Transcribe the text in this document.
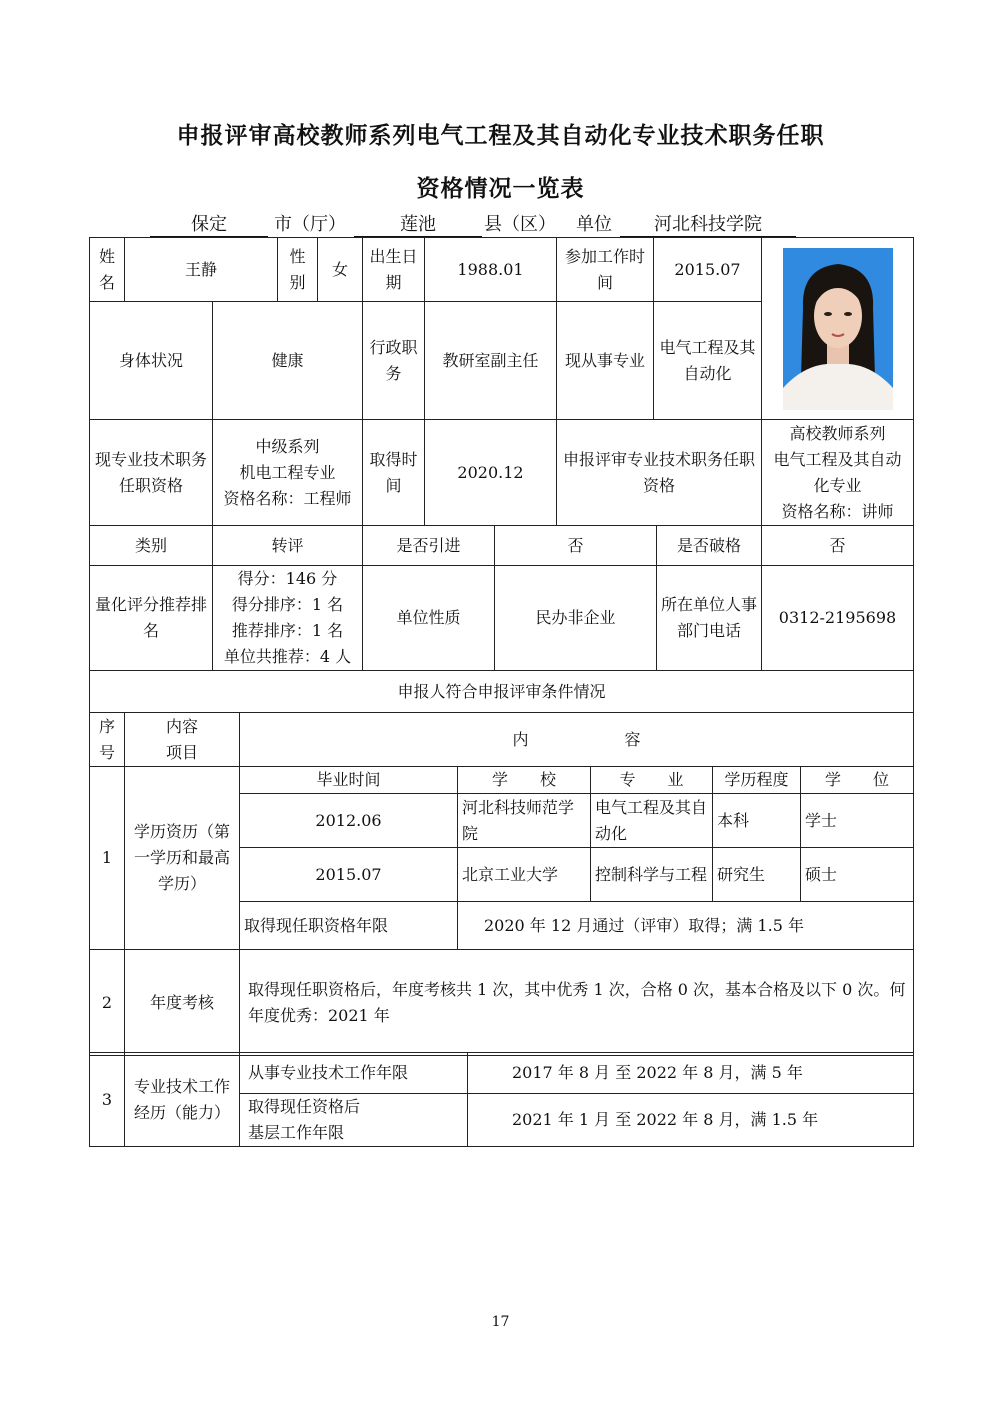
申报评审高校教师系列电气工程及其自动化专业技术职务任职
资格情况一览表
保定	市（厅）	莲池	县（区） 单位	河北科技学院
姓名	王静		性别	女	出生日期	1988.01	参加工作时间	2015.07	

身体状况		健康			行政职务	教研室副主任	现从事专业	电气工程及其自动化	
现专业技术职务任职资格		中级系列
机电工程专业
资格名称：工程师			取得时间	2020.12	申报评审专业技术职务任职资格		高校教师系列
电气工程及其自动化专业
资格名称：讲师
类别	转评	是否引进	否	是否破格	否
量化评分推荐排名	得分：146 分
得分排序：1 名
推荐排序：1 名
单位共推荐：4 人	单位性质	民办非企业	所在单位人事部门电话	0312-2195698
申报人符合申报评审条件情况						
序号	内容
项目	内　　　　　　容				
1	学历资历（第一学历和最高学历）	毕业时间	学　　校	专　　业	学历程度	学　　位
		2012.06	河北科技师范学院	电气工程及其自动化	本科	学士
		2015.07	北京工业大学	控制科学与工程	研究生	硕士
		取得现任职资格年限	2020 年 12 月通过（评审）取得；满 1.5 年			
2	年度考核	取得现任职资格后，年度考核共 1 次，其中优秀 1 次，合格 0 次，基本合格及以下 0 次。何年度优秀：2021 年				
3	专业技术工作经历（能力）	从事专业技术工作年限	2017 年 8 月 至 2022 年 8 月，满 5 年
		取得现任资格后
基层工作年限	2021 年 1 月 至 2022 年 8 月，满 1.5 年
17
